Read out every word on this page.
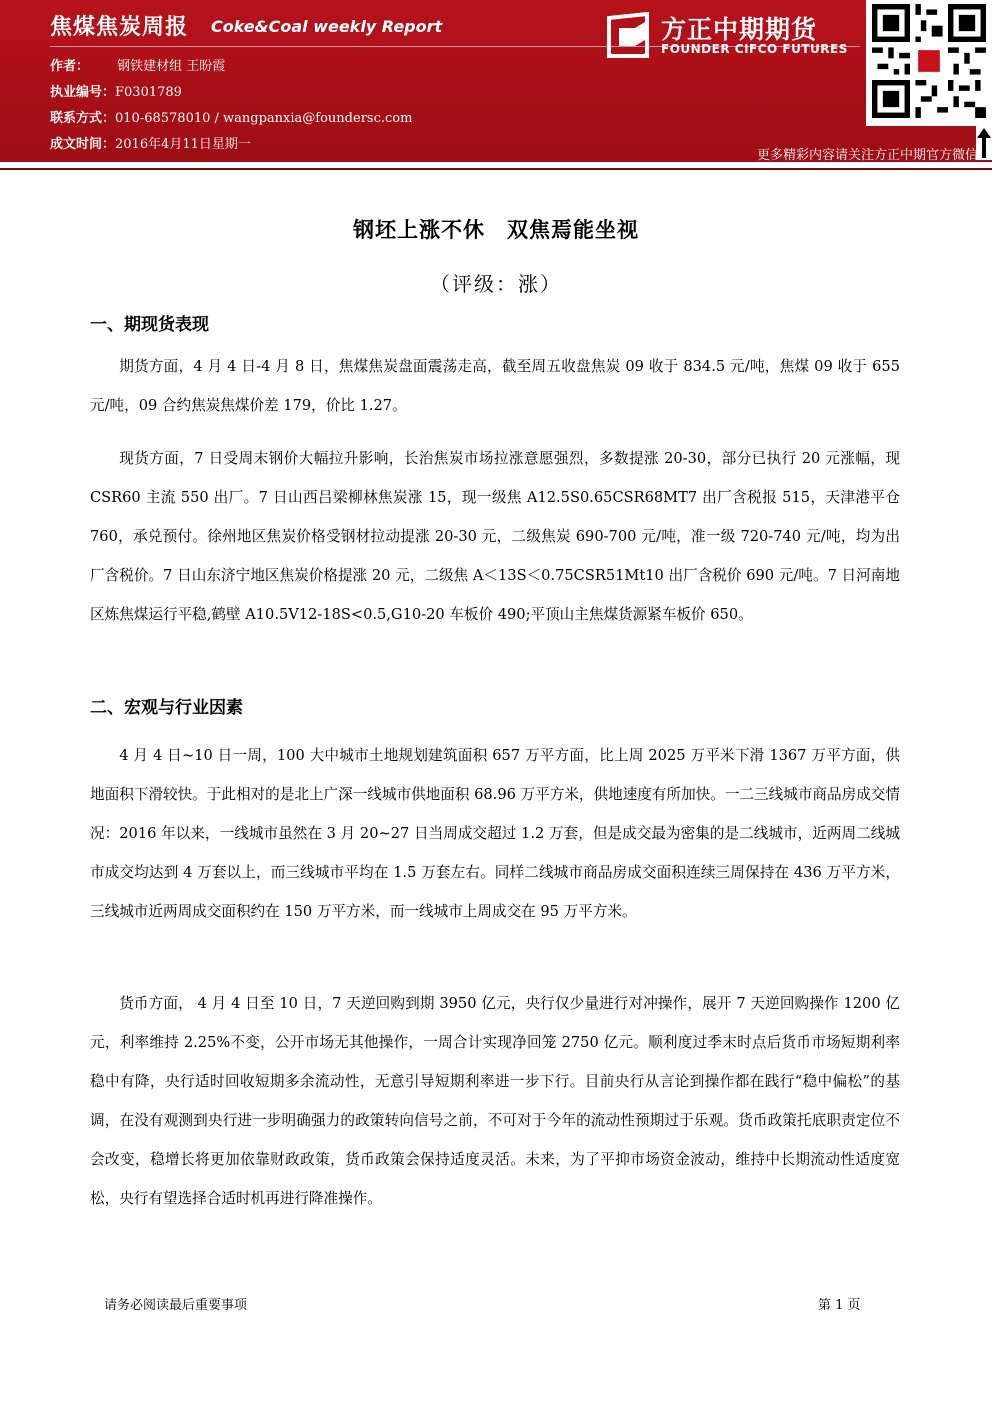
焦煤焦炭周报 Coke&Coal weekly Report
作者： 钢铁建材组 王盼霞
执业编号：F0301789
联系方式：010-68578010 / wangpanxia@foundersc.com
成文时间：2016年4月11日星期一
方正中期期货
FOUNDER CIFCO FUTURES
更多精彩内容请关注方正中期官方微信
钢坯上涨不休　双焦焉能坐视
（评级：涨）
一、期现货表现

期货方面，4 月 4 日-4 月 8 日，焦煤焦炭盘面震荡走高，截至周五收盘焦炭 09 收于 834.5 元/吨，焦煤 09 收于 655 元/吨，09 合约焦炭焦煤价差 179，价比 1.27。

现货方面，7 日受周末钢价大幅拉升影响，长治焦炭市场拉涨意愿强烈，多数提涨 20-30，部分已执行 20 元涨幅，现 CSR60 主流 550 出厂。7 日山西吕梁柳林焦炭涨 15，现一级焦 A12.5S0.65CSR68MT7 出厂含税报 515，天津港平仓 760，承兑预付。徐州地区焦炭价格受钢材拉动提涨 20-30 元，二级焦炭 690-700 元/吨，准一级 720-740 元/吨，均为出厂含税价。7 日山东济宁地区焦炭价格提涨 20 元，二级焦 A＜13S＜0.75CSR51Mt10 出厂含税价 690 元/吨。7 日河南地区炼焦煤运行平稳,鹤壁 A10.5V12-18S<0.5,G10-20 车板价 490;平顶山主焦煤货源紧车板价 650。

二、宏观与行业因素

4 月 4 日~10 日一周，100 大中城市土地规划建筑面积 657 万平方面，比上周 2025 万平米下滑 1367 万平方面，供地面积下滑较快。于此相对的是北上广深一线城市供地面积 68.96 万平方米，供地速度有所加快。一二三线城市商品房成交情况：2016 年以来，一线城市虽然在 3 月 20~27 日当周成交超过 1.2 万套，但是成交最为密集的是二线城市，近两周二线城市成交均达到 4 万套以上，而三线城市平均在 1.5 万套左右。同样二线城市商品房成交面积连续三周保持在 436 万平方米，三线城市近两周成交面积约在 150 万平方米，而一线城市上周成交在 95 万平方米。

货币方面， 4 月 4 日至 10 日，7 天逆回购到期 3950 亿元，央行仅少量进行对冲操作，展开 7 天逆回购操作 1200 亿元，利率维持 2.25%不变，公开市场无其他操作，一周合计实现净回笼 2750 亿元。顺利度过季末时点后货币市场短期利率稳中有降，央行适时回收短期多余流动性，无意引导短期利率进一步下行。目前央行从言论到操作都在践行“稳中偏松”的基调，在没有观测到央行进一步明确强力的政策转向信号之前，不可对于今年的流动性预期过于乐观。货币政策托底职责定位不会改变，稳增长将更加依靠财政政策，货币政策会保持适度灵活。未来，为了平抑市场资金波动，维持中长期流动性适度宽松，央行有望选择合适时机再进行降准操作。

请务必阅读最后重要事项	第 1 页
